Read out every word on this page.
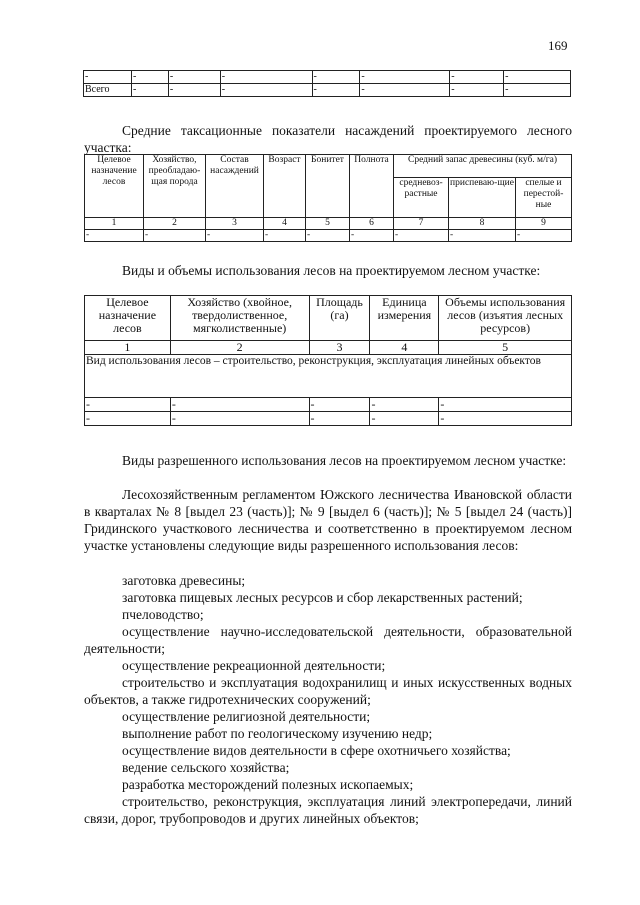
169
-	-	-	-	-	-	-	-
Всего	-	-	-	-	-	-	-
Средние таксационные показатели насаждений проектируемого лесного участка:
Целевое назначение лесов	Хозяйство, преобладаю-щая порода	Состав насаждений	Возраст	Бонитет	Полнота	Средний запас древесины (куб. м/га)		
						средневоз-растные	приспеваю-щие	спелые и перестой-ные
1	2	3	4	5	6	7	8	9
-	-	-	-	-	-	-	-	-
Виды и объемы использования лесов на проектируемом лесном участке:
Целевое назначение лесов	Хозяйство (хвойное, твердолиственное, мягколиственные)	Площадь (га)	Единица измерения	Объемы использования лесов (изъятия лесных ресурсов)
1	2	3	4	5
Вид использования лесов – строительство, реконструкция, эксплуатация линейных объектов				
-	-	-	-	-
-	-	-	-	-
Виды разрешенного использования лесов на проектируемом лесном участке:
Лесохозяйственным регламентом Южского лесничества Ивановской области в кварталах № 8 [выдел 23 (часть)]; № 9 [выдел 6 (часть)]; № 5 [выдел 24 (часть)] Гридинского участкового лесничества и соответственно в проектируемом лесном участке установлены следующие виды разрешенного использования лесов:
заготовка древесины;
заготовка пищевых лесных ресурсов и сбор лекарственных растений;
пчеловодство;
осуществление научно-исследовательской деятельности, образовательной деятельности;
осуществление рекреационной деятельности;
строительство и эксплуатация водохранилищ и иных искусственных водных объектов, а также гидротехнических сооружений;
осуществление религиозной деятельности;
выполнение работ по геологическому изучению недр;
осуществление видов деятельности в сфере охотничьего хозяйства;
ведение сельского хозяйства;
разработка месторождений полезных ископаемых;
строительство, реконструкция, эксплуатация линий электропередачи, линий связи, дорог, трубопроводов и других линейных объектов;
